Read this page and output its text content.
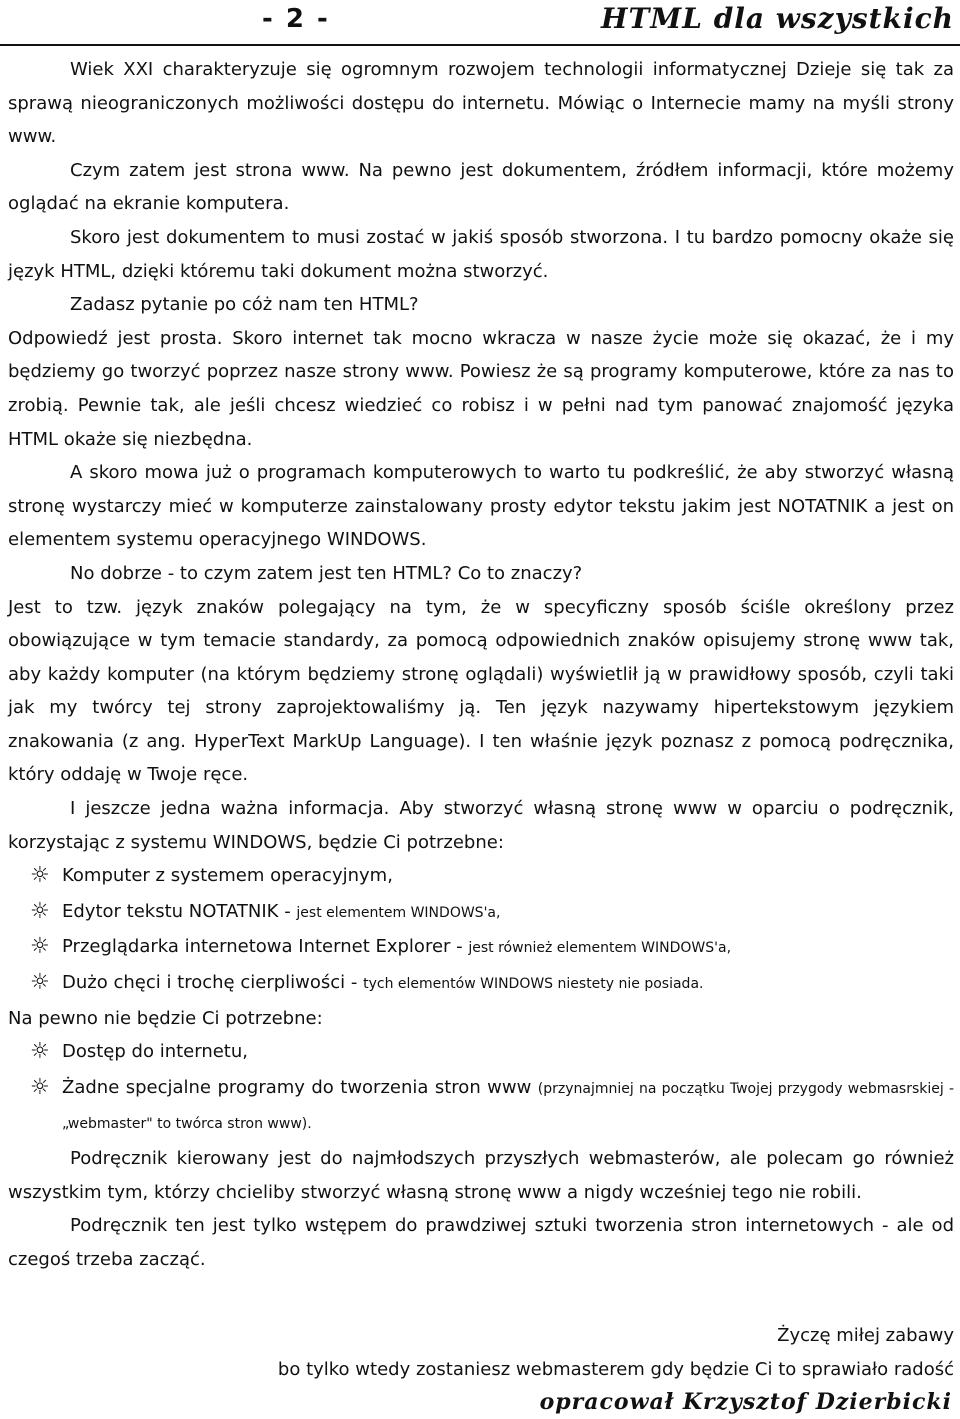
- 2 -	HTML dla wszystkich

Wiek XXI charakteryzuje się ogromnym rozwojem technologii informatycznej Dzieje się tak za sprawą nieograniczonych możliwości dostępu do internetu. Mówiąc o Internecie mamy na myśli strony www.

Czym zatem jest strona www. Na pewno jest dokumentem, źródłem informacji, które możemy oglądać na ekranie komputera.

Skoro jest dokumentem to musi zostać w jakiś sposób stworzona. I tu bardzo pomocny okaże się język HTML, dzięki któremu taki dokument można stworzyć.

Zadasz pytanie po cóż nam ten HTML?

Odpowiedź jest prosta. Skoro internet tak mocno wkracza w nasze życie może się okazać, że i my będziemy go tworzyć poprzez nasze strony www. Powiesz że są programy komputerowe, które za nas to zrobią. Pewnie tak, ale jeśli chcesz wiedzieć co robisz i w pełni nad tym panować znajomość języka HTML okaże się niezbędna.

A skoro mowa już o programach komputerowych to warto tu podkreślić, że aby stworzyć własną stronę wystarczy mieć w komputerze zainstalowany prosty edytor tekstu jakim jest NOTATNIK a jest on elementem systemu operacyjnego WINDOWS.

No dobrze - to czym zatem jest ten HTML? Co to znaczy?

Jest to tzw. język znaków polegający na tym, że w specyficzny sposób ściśle określony przez obowiązujące w tym temacie standardy, za pomocą odpowiednich znaków opisujemy stronę www tak, aby każdy komputer (na którym będziemy stronę oglądali) wyświetlił ją w prawidłowy sposób, czyli taki jak my twórcy tej strony zaprojektowaliśmy ją. Ten język nazywamy hipertekstowym językiem znakowania (z ang. HyperText MarkUp Language). I ten właśnie język poznasz z pomocą podręcznika, który oddaję w Twoje ręce.

I jeszcze jedna ważna informacja. Aby stworzyć własną stronę www w oparciu o podręcznik, korzystając z systemu WINDOWS, będzie Ci potrzebne:

☼ Komputer z systemem operacyjnym,
☼ Edytor tekstu NOTATNIK - jest elementem WINDOWS'a,
☼ Przeglądarka internetowa Internet Explorer - jest również elementem WINDOWS'a,
☼ Dużo chęci i trochę cierpliwości - tych elementów WINDOWS niestety nie posiada.

Na pewno nie będzie Ci potrzebne:

☼ Dostęp do internetu,
☼ Żadne specjalne programy do tworzenia stron www (przynajmniej na początku Twojej przygody webmasrskiej - „webmaster" to twórca stron www).

Podręcznik kierowany jest do najmłodszych przyszłych webmasterów, ale polecam go również wszystkim tym, którzy chcieliby stworzyć własną stronę www a nigdy wcześniej tego nie robili.

Podręcznik ten jest tylko wstępem do prawdziwej sztuki tworzenia stron internetowych - ale od czegoś trzeba zacząć.

Życzę miłej zabawy
bo tylko wtedy zostaniesz webmasterem gdy będzie Ci to sprawiało radość
opracował Krzysztof Dzierbicki
